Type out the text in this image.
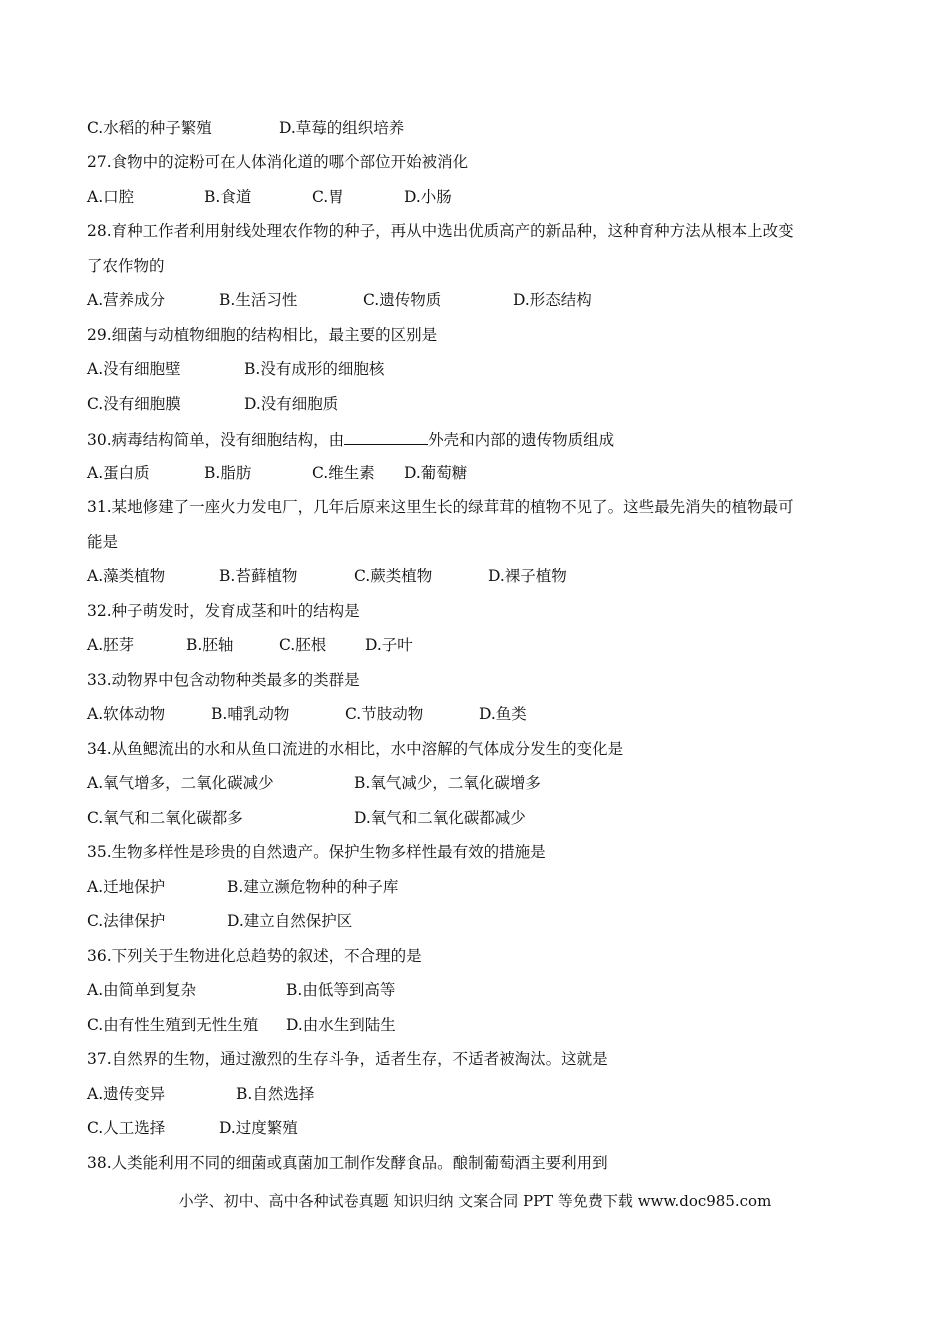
C.水稻的种子繁殖	D.草莓的组织培养
27.食物中的淀粉可在人体消化道的哪个部位开始被消化
A.口腔	B.食道	C.胃	D.小肠
28.育种工作者利用射线处理农作物的种子，再从中选出优质高产的新品种，这种育种方法从根本上改变
了农作物的
A.营养成分	B.生活习性	C.遗传物质	D.形态结构
29.细菌与动植物细胞的结构相比，最主要的区别是
A.没有细胞壁	B.没有成形的细胞核
C.没有细胞膜	D.没有细胞质
30.病毒结构简单，没有细胞结构，由	外壳和内部的遗传物质组成
A.蛋白质	B.脂肪	C.维生素 D.葡萄糖
31.某地修建了一座火力发电厂，几年后原来这里生长的绿茸茸的植物不见了。这些最先消失的植物最可
能是
A.藻类植物	B.苔藓植物	C.蕨类植物	D.裸子植物
32.种子萌发时，发育成茎和叶的结构是
A.胚芽	B.胚轴	C.胚根	D.子叶
33.动物界中包含动物种类最多的类群是
A.软体动物	B.哺乳动物	C.节肢动物	D.鱼类
34.从鱼鳃流出的水和从鱼口流进的水相比，水中溶解的气体成分发生的变化是
A.氧气增多，二氧化碳减少	B.氧气减少，二氧化碳增多
C.氧气和二氧化碳都多	D.氧气和二氧化碳都减少
35.生物多样性是珍贵的自然遗产。保护生物多样性最有效的措施是
A.迁地保护	B.建立濒危物种的种子库
C.法律保护	D.建立自然保护区
36.下列关于生物进化总趋势的叙述，不合理的是
A.由简单到复杂	B.由低等到高等
C.由有性生殖到无性生殖 D.由水生到陆生
37.自然界的生物，通过激烈的生存斗争，适者生存，不适者被淘汰。这就是
A.遗传变异	B.自然选择
C.人工选择	D.过度繁殖
38.人类能利用不同的细菌或真菌加工制作发酵食品。酿制葡萄酒主要利用到
小学、初中、高中各种试卷真题 知识归纳 文案合同 PPT 等免费下载 www.doc985.com
